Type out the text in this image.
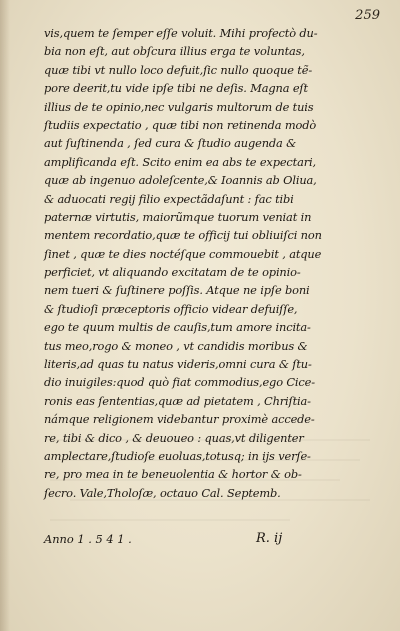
259
vis,quem te ſemper eſſe voluit. Mihi profectò du-
bia non eſt, aut obſcura illius erga te voluntas,
quæ tibi vt nullo loco defuit,ſic nullo quoque tẽ-
pore deerit,tu vide ipſe tibi ne deſis. Magna eſt
illius de te opinio,nec vulgaris multorum de tuis
ſtudiis expectatio , quæ tibi non retinenda modò
aut ſuſtinenda , ſed cura & ſtudio augenda &
amplificanda eſt. Scito enim ea abs te expectari,
quæ ab ingenuo adoleſcente,& Ioannis ab Oliua,
& aduocati regij filio expectãdaſunt : fac tibi
paternæ virtutis, maiorũmque tuorum veniat in
mentem recordatio,quæ te officij tui obliuiſci non
ſinet , quæ te dies noctéſque commouebit , atque
perficiet, vt aliquando excitatam de te opinio-
nem tueri & ſuſtinere poſſis. Atque ne ipſe boni
& ſtudioſi præceptoris officio videar defuiſſe,
ego te quum multis de cauſis,tum amore incita-
tus meo,rogo & moneo , vt candidis moribus &
literis,ad quas tu natus videris,omni cura & ſtu-
dio inuigiles:quod quò fiat commodius,ego Cice-
ronis eas ſententias,quæ ad pietatem , Chriſtia-
námque religionem videbantur proximè accede-
re, tibi & dico , & deuoueo : quas,vt diligenter
amplectare,ſtudioſe euoluas,totusq; in ijs verſe-
re, pro mea in te beneuolentia & hortor & ob-
ſecro. Vale,Tholoſæ, octauo Cal. Septemb.
Anno 1 . 5 4 1 .	R. ij
